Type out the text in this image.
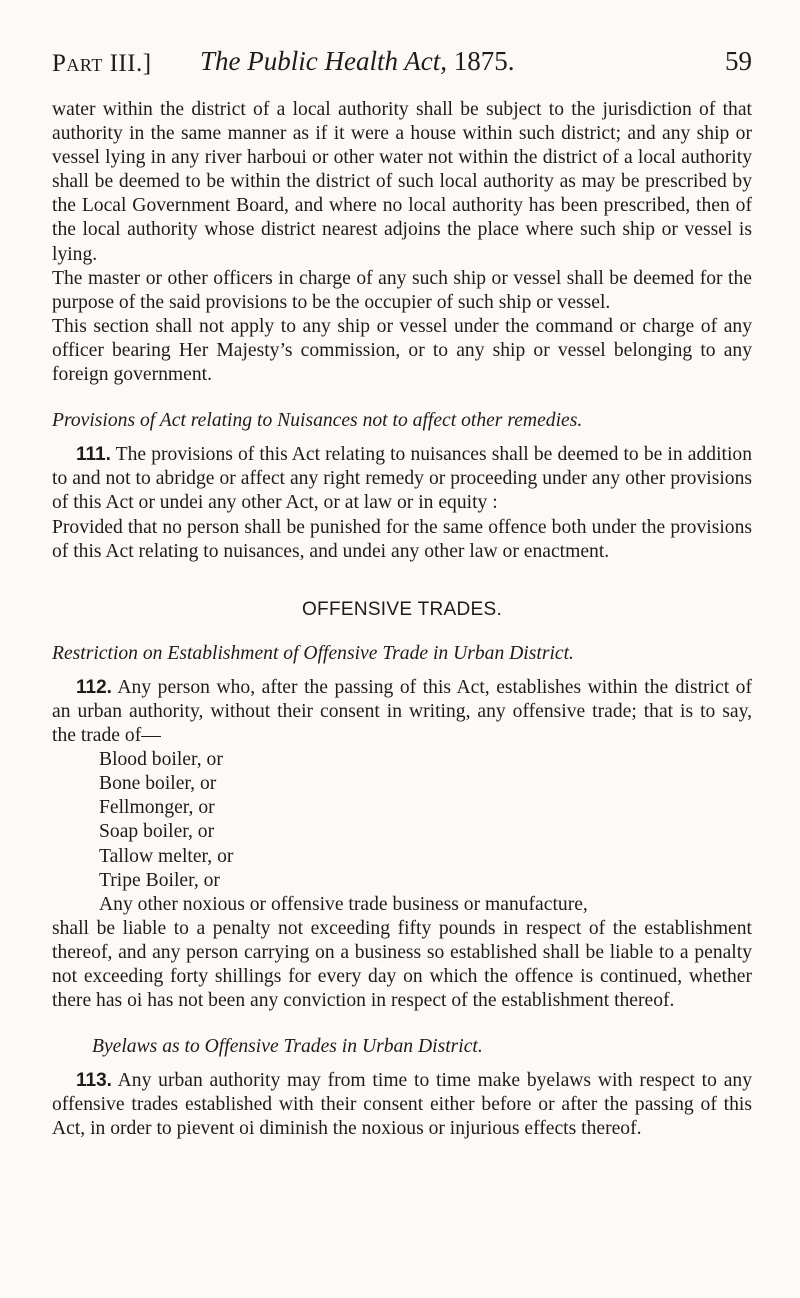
Part III.] The Public Health Act, 1875.	59

water within the district of a local authority shall be subject to the jurisdiction of that authority in the same manner as if it were a house within such district; and any ship or vessel lying in any river harboui or other water not within the district of a local authority shall be deemed to be within the district of such local authority as may be prescribed by the Local Government Board, and where no local authority has been prescribed, then of the local authority whose district nearest adjoins the place where such ship or vessel is lying.

The master or other officers in charge of any such ship or vessel shall be deemed for the purpose of the said provisions to be the occupier of such ship or vessel.

This section shall not apply to any ship or vessel under the command or charge of any officer bearing Her Majesty’s commission, or to any ship or vessel belonging to any foreign government.

Provisions of Act relating to Nuisances not to affect other remedies.

111. The provisions of this Act relating to nuisances shall be deemed to be in addition to and not to abridge or affect any right remedy or proceeding under any other provisions of this Act or undei any other Act, or at law or in equity :

Provided that no person shall be punished for the same offence both under the provisions of this Act relating to nuisances, and undei any other law or enactment.

OFFENSIVE TRADES.

Restriction on Establishment of Offensive Trade in Urban District.

112. Any person who, after the passing of this Act, establishes within the district of an urban authority, without their consent in writing, any offensive trade; that is to say, the trade of—

Blood boiler, or

Bone boiler, or

Fellmonger, or

Soap boiler, or

Tallow melter, or

Tripe Boiler, or

Any other noxious or offensive trade business or manufacture,

shall be liable to a penalty not exceeding fifty pounds in respect of the establishment thereof, and any person carrying on a business so established shall be liable to a penalty not exceeding forty shillings for every day on which the offence is continued, whether there has oi has not been any conviction in respect of the establishment thereof.

Byelaws as to Offensive Trades in Urban District.

113. Any urban authority may from time to time make byelaws with respect to any offensive trades established with their consent either before or after the passing of this Act, in order to pievent oi diminish the noxious or injurious effects thereof.
